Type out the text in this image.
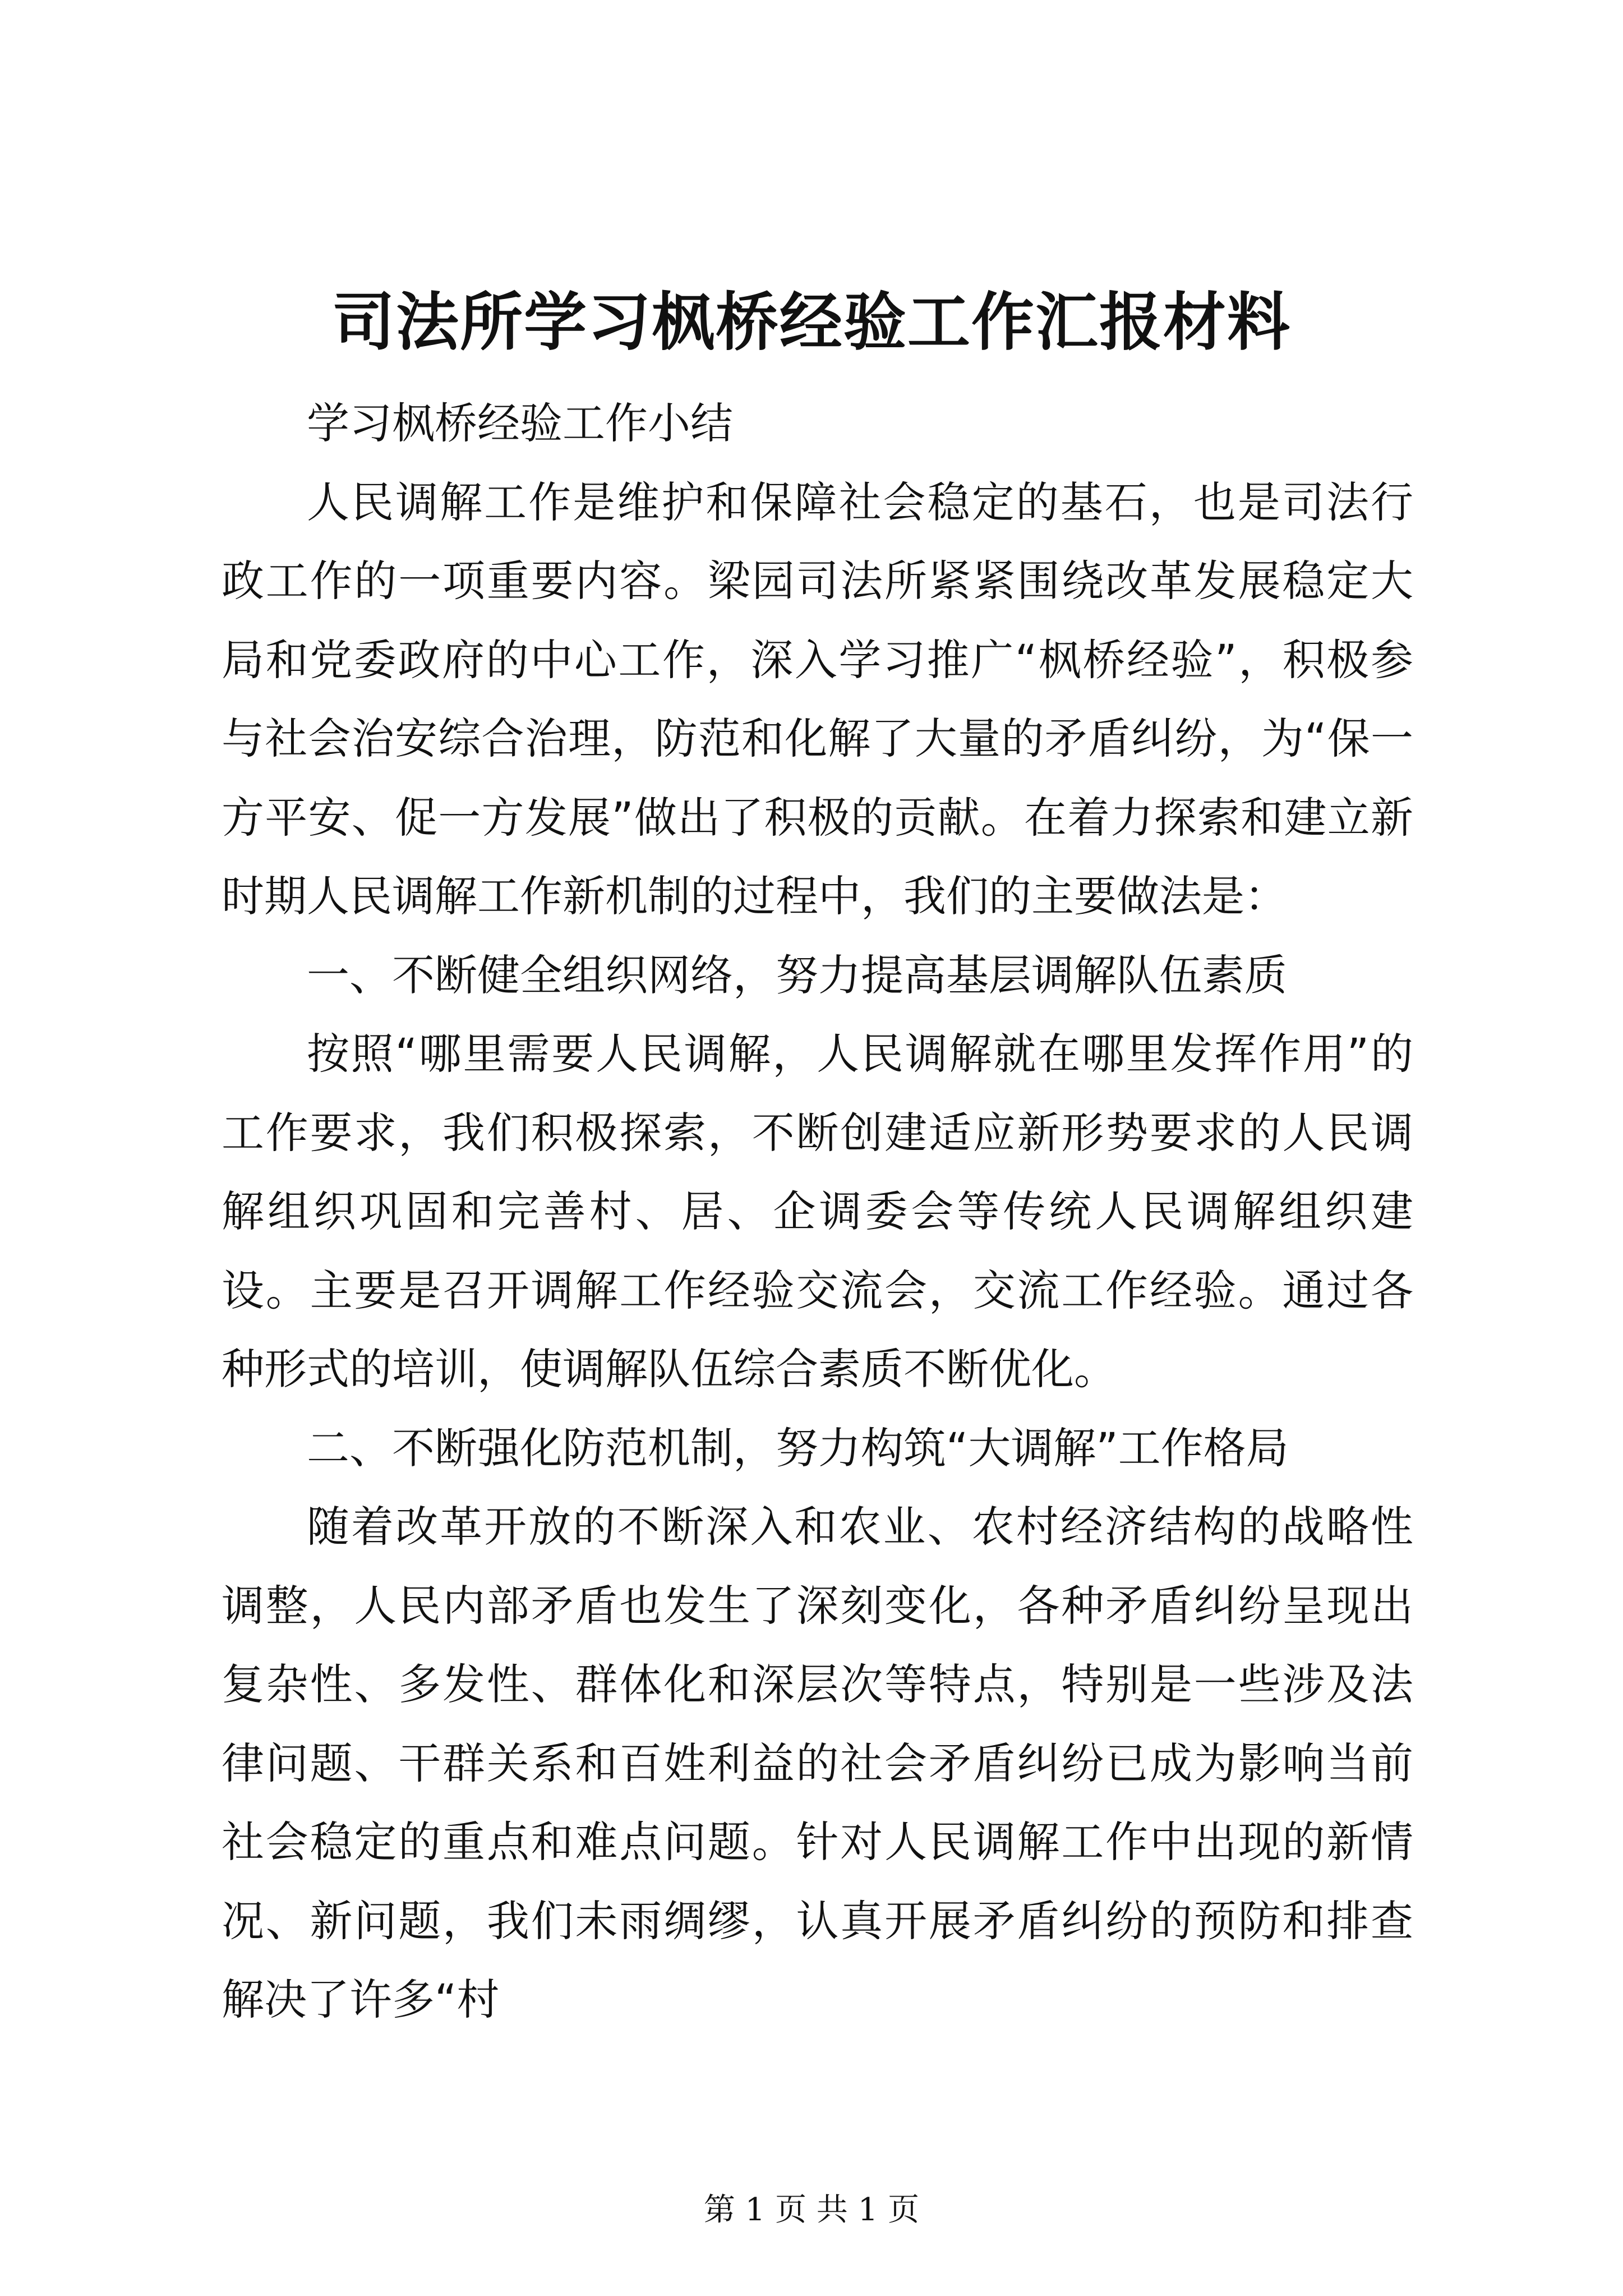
司法所学习枫桥经验工作汇报材料

学习枫桥经验工作小结

人民调解工作是维护和保障社会稳定的基石，也是司法行政工作的一项重要内容。梁园司法所紧紧围绕改革发展稳定大局和党委政府的中心工作，深入学习推广“枫桥经验”，积极参与社会治安综合治理，防范和化解了大量的矛盾纠纷，为“保一方平安、促一方发展”做出了积极的贡献。在着力探索和建立新时期人民调解工作新机制的过程中，我们的主要做法是：

一、不断健全组织网络，努力提高基层调解队伍素质

按照“哪里需要人民调解，人民调解就在哪里发挥作用”的工作要求，我们积极探索，不断创建适应新形势要求的人民调解组织巩固和完善村、居、企调委会等传统人民调解组织建设。主要是召开调解工作经验交流会，交流工作经验。通过各种形式的培训，使调解队伍综合素质不断优化。

二、不断强化防范机制，努力构筑“大调解”工作格局

随着改革开放的不断深入和农业、农村经济结构的战略性调整，人民内部矛盾也发生了深刻变化，各种矛盾纠纷呈现出复杂性、多发性、群体化和深层次等特点，特别是一些涉及法律问题、干群关系和百姓利益的社会矛盾纠纷已成为影响当前社会稳定的重点和难点问题。针对人民调解工作中出现的新情况、新问题，我们未雨绸缪，认真开展矛盾纠纷的预防和排查解决了许多“村

第 1 页 共 1 页
